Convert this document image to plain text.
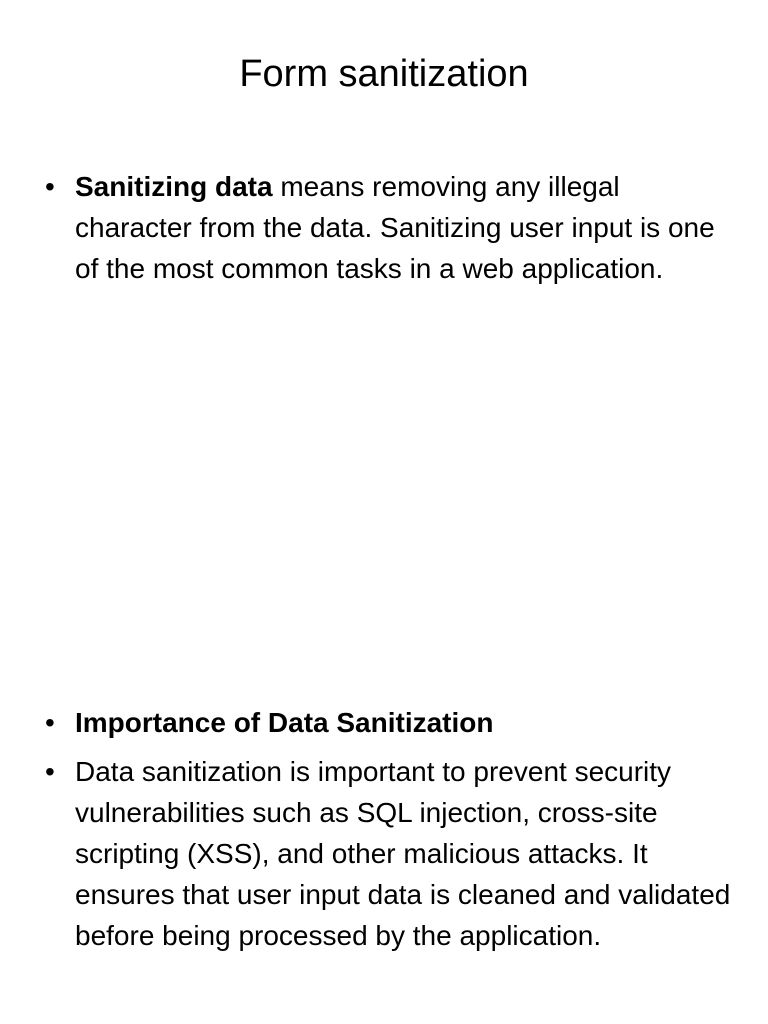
Form sanitization
• Sanitizing data means removing any illegal character from the data. Sanitizing user input is one of the most common tasks in a web application.
• Importance of Data Sanitization
• Data sanitization is important to prevent security vulnerabilities such as SQL injection, cross-site scripting (XSS), and other malicious attacks. It ensures that user input data is cleaned and validated before being processed by the application.
